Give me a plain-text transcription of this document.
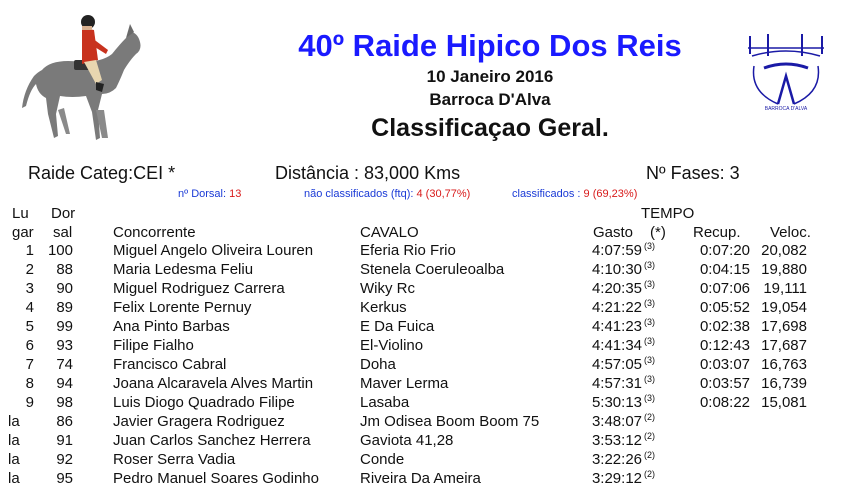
BARROCA D'ALVA
40º Raide Hipico Dos Reis
10 Janeiro 2016
Barroca D'Alva
Classificaçao Geral.
Raide Categ:CEI *	Distância : 83,000 Kms	Nº Fases: 3
nº Dorsal: 13	não classificados (ftq): 4 (30,77%)	classificados : 9 (69,23%)
Lu
gar
Dor
sal	Concorrente	CAVALO
TEMPO
Gasto (*) Recup. Veloc.
1 100	Miguel Angelo Oliveira Louren	Eferia Rio Frio	4:07:59 $^{(3)}$	0:07:20 20,082
2	88	Maria Ledesma Feliu	Stenela Coeruleoalba	4:10:30 $^{(3)}$	0:04:15 19,880
3	90	Miguel Rodriguez Carrera	Wiky Rc	4:20:35 $^{(3)}$	0:07:06 19,111
4	89	Felix Lorente Pernuy	Kerkus	4:21:22 $^{(3)}$	0:05:52 19,054
5	99	Ana Pinto Barbas	E Da Fuica	4:41:23 $^{(3)}$	0:02:38 17,698
6	93	Filipe Fialho	El-Violino	4:41:34 $^{(3)}$	0:12:43 17,687
7	74	Francisco Cabral	Doha	4:57:05 $^{(3)}$	0:03:07 16,763
8	94	Joana Alcaravela Alves Martin	Maver Lerma	4:57:31 $^{(3)}$	0:03:57 16,739
9	98	Luis Diogo Quadrado Filipe	Lasaba	5:30:13 $^{(3)}$	0:08:22 15,081
la	86	Javier Gragera Rodriguez	Jm Odisea Boom Boom 75	3:48:07 $^{(2)}$
la	91	Juan Carlos Sanchez Herrera	Gaviota 41,28	3:53:12 $^{(2)}$
la	92	Roser Serra Vadia	Conde	3:22:26 $^{(2)}$
la	95	Pedro Manuel Soares Godinho	Riveira Da Ameira	3:29:12 $^{(2)}$
